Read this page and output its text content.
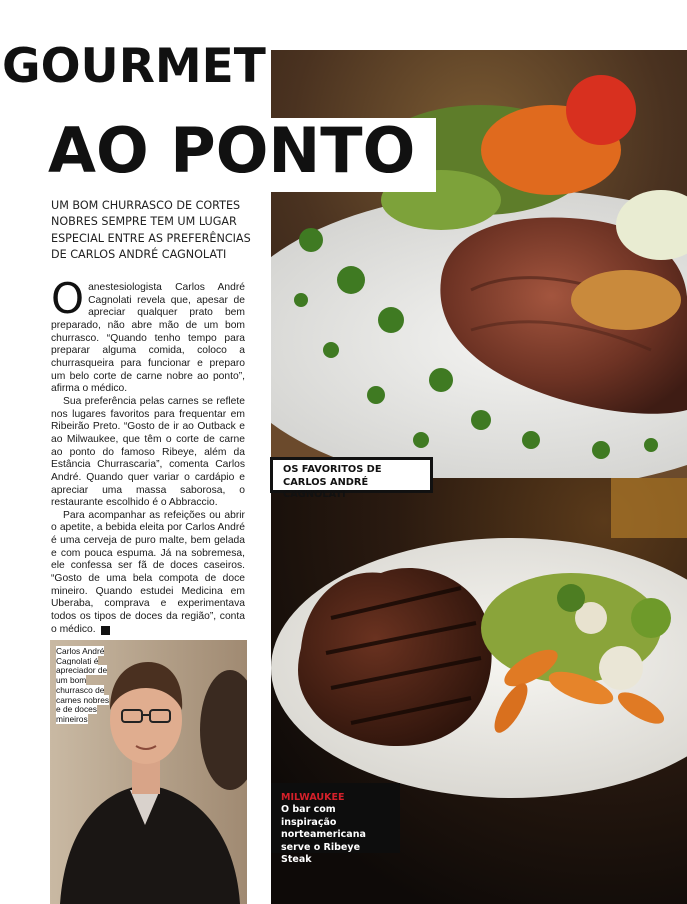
GOURMET
AO PONTO
UM BOM CHURRASCO DE CORTES NOBRES SEMPRE TEM UM LUGAR ESPECIAL ENTRE AS PREFERÊNCIAS DE CARLOS ANDRÉ CAGNOLATI

Oanestesiologista Carlos André Cagnolati revela que, apesar de apreciar qualquer prato bem preparado, não abre mão de um bom churrasco. “Quando tenho tempo para preparar alguma comida, coloco a churrasqueira para funcionar e preparo um belo corte de carne nobre ao ponto”, afirma o médico.

Sua preferência pelas carnes se reflete nos lugares favoritos para frequentar em Ribeirão Preto. “Gosto de ir ao Outback e ao Milwaukee, que têm o corte de carne ao ponto do famoso Ribeye, além da Estância Churrascaria”, comenta Carlos André. Quando quer variar o cardápio e apreciar uma massa saborosa, o restaurante escolhido é o Abbraccio.

Para acompanhar as refeições ou abrir o apetite, a bebida eleita por Carlos André é uma cerveja de puro malte, bem gelada e com pouca espuma. Já na sobremesa, ele confessa ser fã de doces caseiros. “Gosto de uma bela compota de doce mineiro. Quando estudei Medicina em Uberaba, comprava e experimentava todos os tipos de doces da região”, conta o médico. R

OS FAVORITOS DE CARLOS ANDRÉ CAGNOLATI
Carlos André Cagnolati é apreciador de um bom churrasco de carnes nobres e de doces mineiros
MILWAUKEE
O bar com inspiração norteamericana serve o Ribeye Steak
